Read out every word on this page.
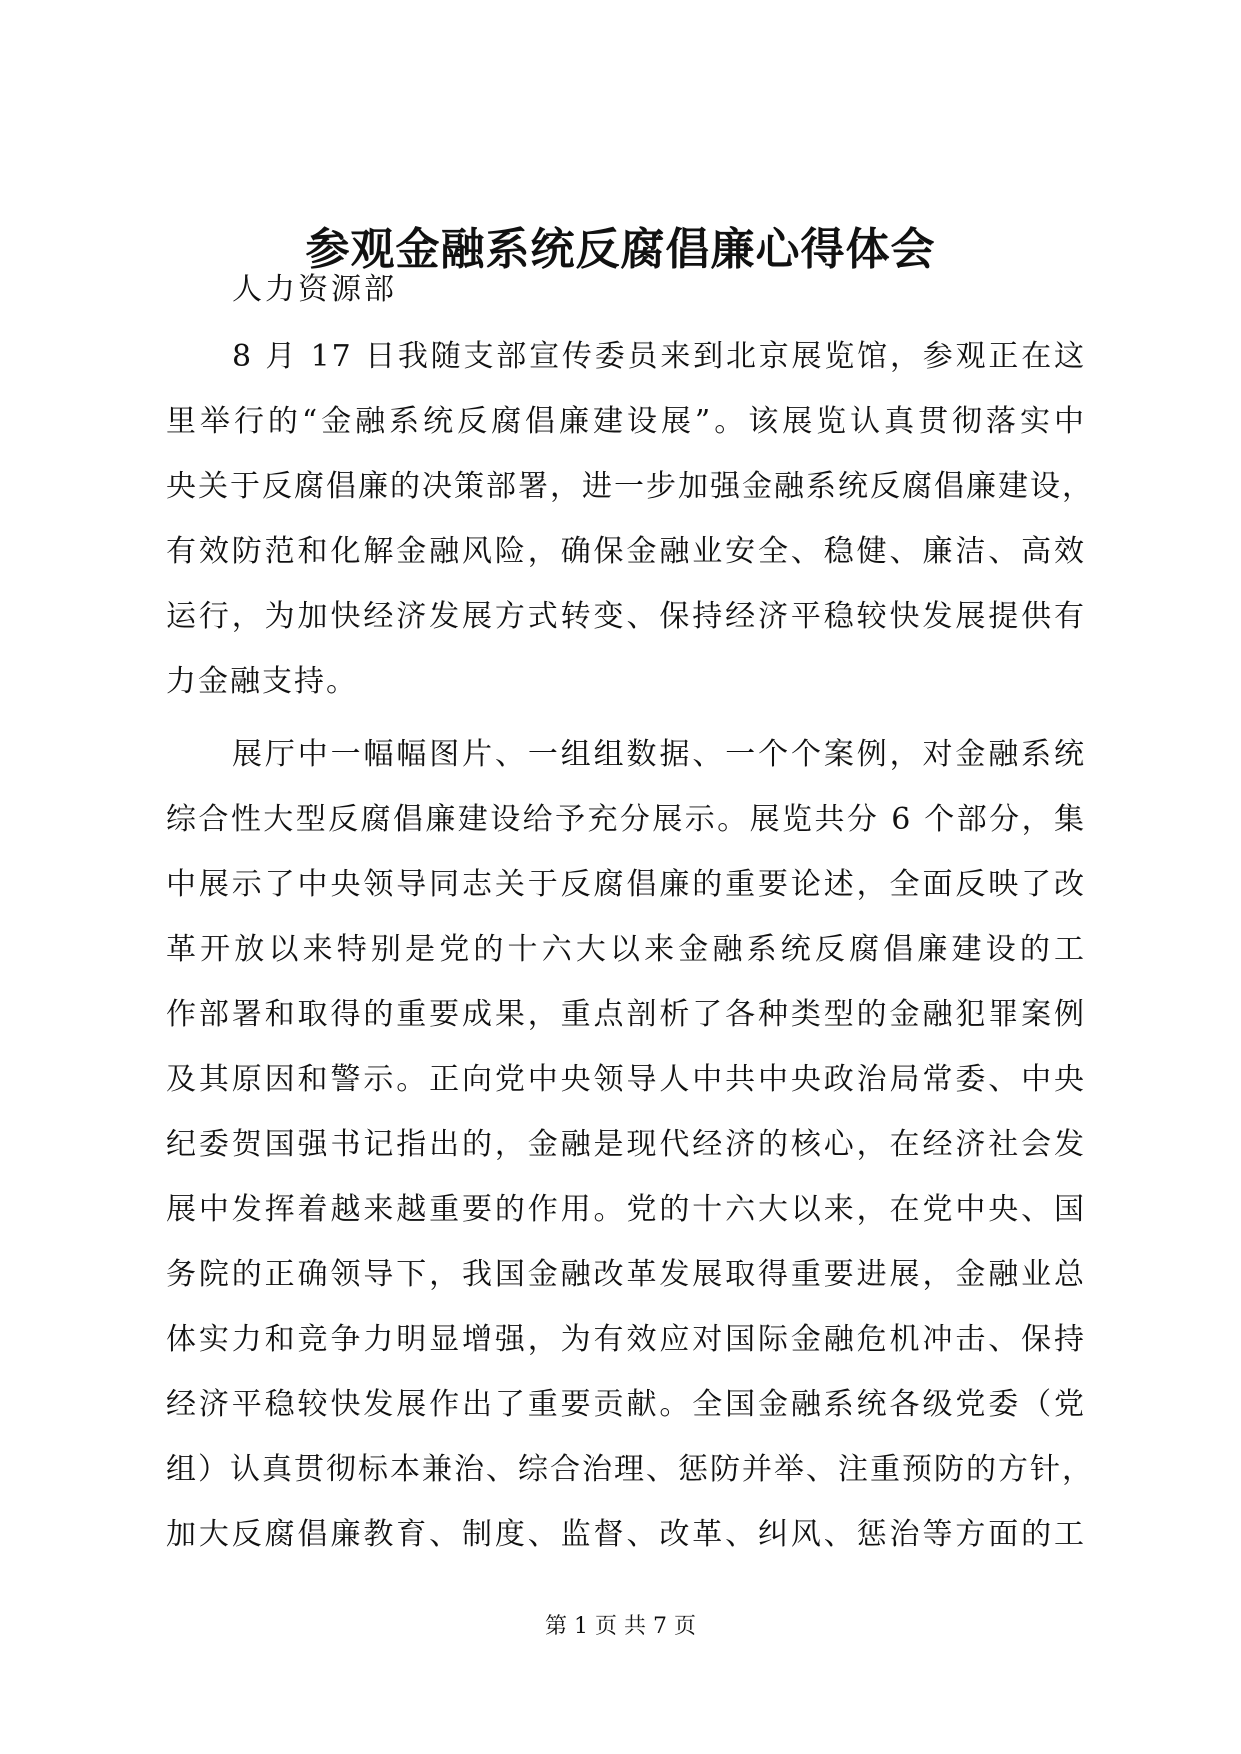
参观金融系统反腐倡廉心得体会
人力资源部
8 月 17 日我随支部宣传委员来到北京展览馆，参观正在这
里举行的“金融系统反腐倡廉建设展”。该展览认真贯彻落实中
央关于反腐倡廉的决策部署，进一步加强金融系统反腐倡廉建设，
有效防范和化解金融风险，确保金融业安全、稳健、廉洁、高效
运行，为加快经济发展方式转变、保持经济平稳较快发展提供有
力金融支持。
展厅中一幅幅图片、一组组数据、一个个案例，对金融系统
综合性大型反腐倡廉建设给予充分展示。展览共分 6 个部分，集
中展示了中央领导同志关于反腐倡廉的重要论述，全面反映了改
革开放以来特别是党的十六大以来金融系统反腐倡廉建设的工
作部署和取得的重要成果，重点剖析了各种类型的金融犯罪案例
及其原因和警示。正向党中央领导人中共中央政治局常委、中央
纪委贺国强书记指出的，金融是现代经济的核心，在经济社会发
展中发挥着越来越重要的作用。党的十六大以来，在党中央、国
务院的正确领导下，我国金融改革发展取得重要进展，金融业总
体实力和竞争力明显增强，为有效应对国际金融危机冲击、保持
经济平稳较快发展作出了重要贡献。全国金融系统各级党委（党
组）认真贯彻标本兼治、综合治理、惩防并举、注重预防的方针，
加大反腐倡廉教育、制度、监督、改革、纠风、惩治等方面的工
第 1 页 共 7 页
